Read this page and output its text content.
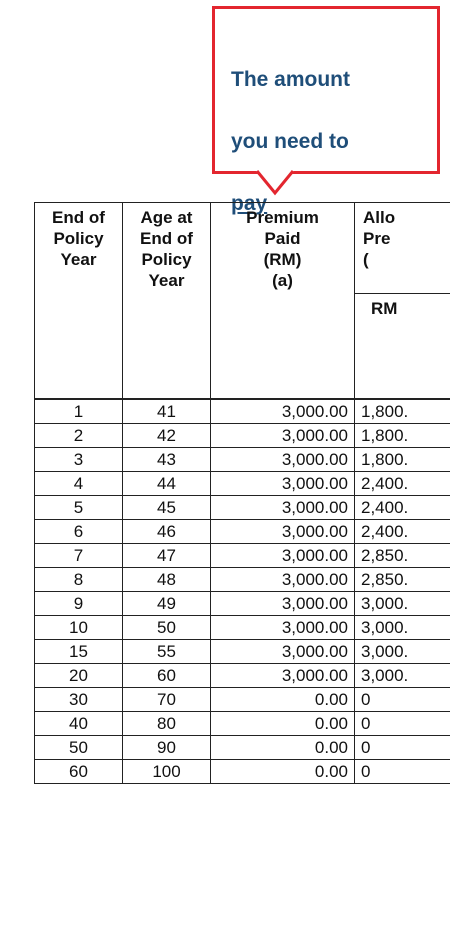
The amount

you need to

pay

End of
Policy
Year	Age at
End of
Policy
Year	Premium
Paid
(RM)
(a)	Allo
Pre
(
			RM
1	41	3,000.00	1,800.
2	42	3,000.00	1,800.
3	43	3,000.00	1,800.
4	44	3,000.00	2,400.
5	45	3,000.00	2,400.
6	46	3,000.00	2,400.
7	47	3,000.00	2,850.
8	48	3,000.00	2,850.
9	49	3,000.00	3,000.
10	50	3,000.00	3,000.
15	55	3,000.00	3,000.
20	60	3,000.00	3,000.
30	70	0.00	0
40	80	0.00	0
50	90	0.00	0
60	100	0.00	0
